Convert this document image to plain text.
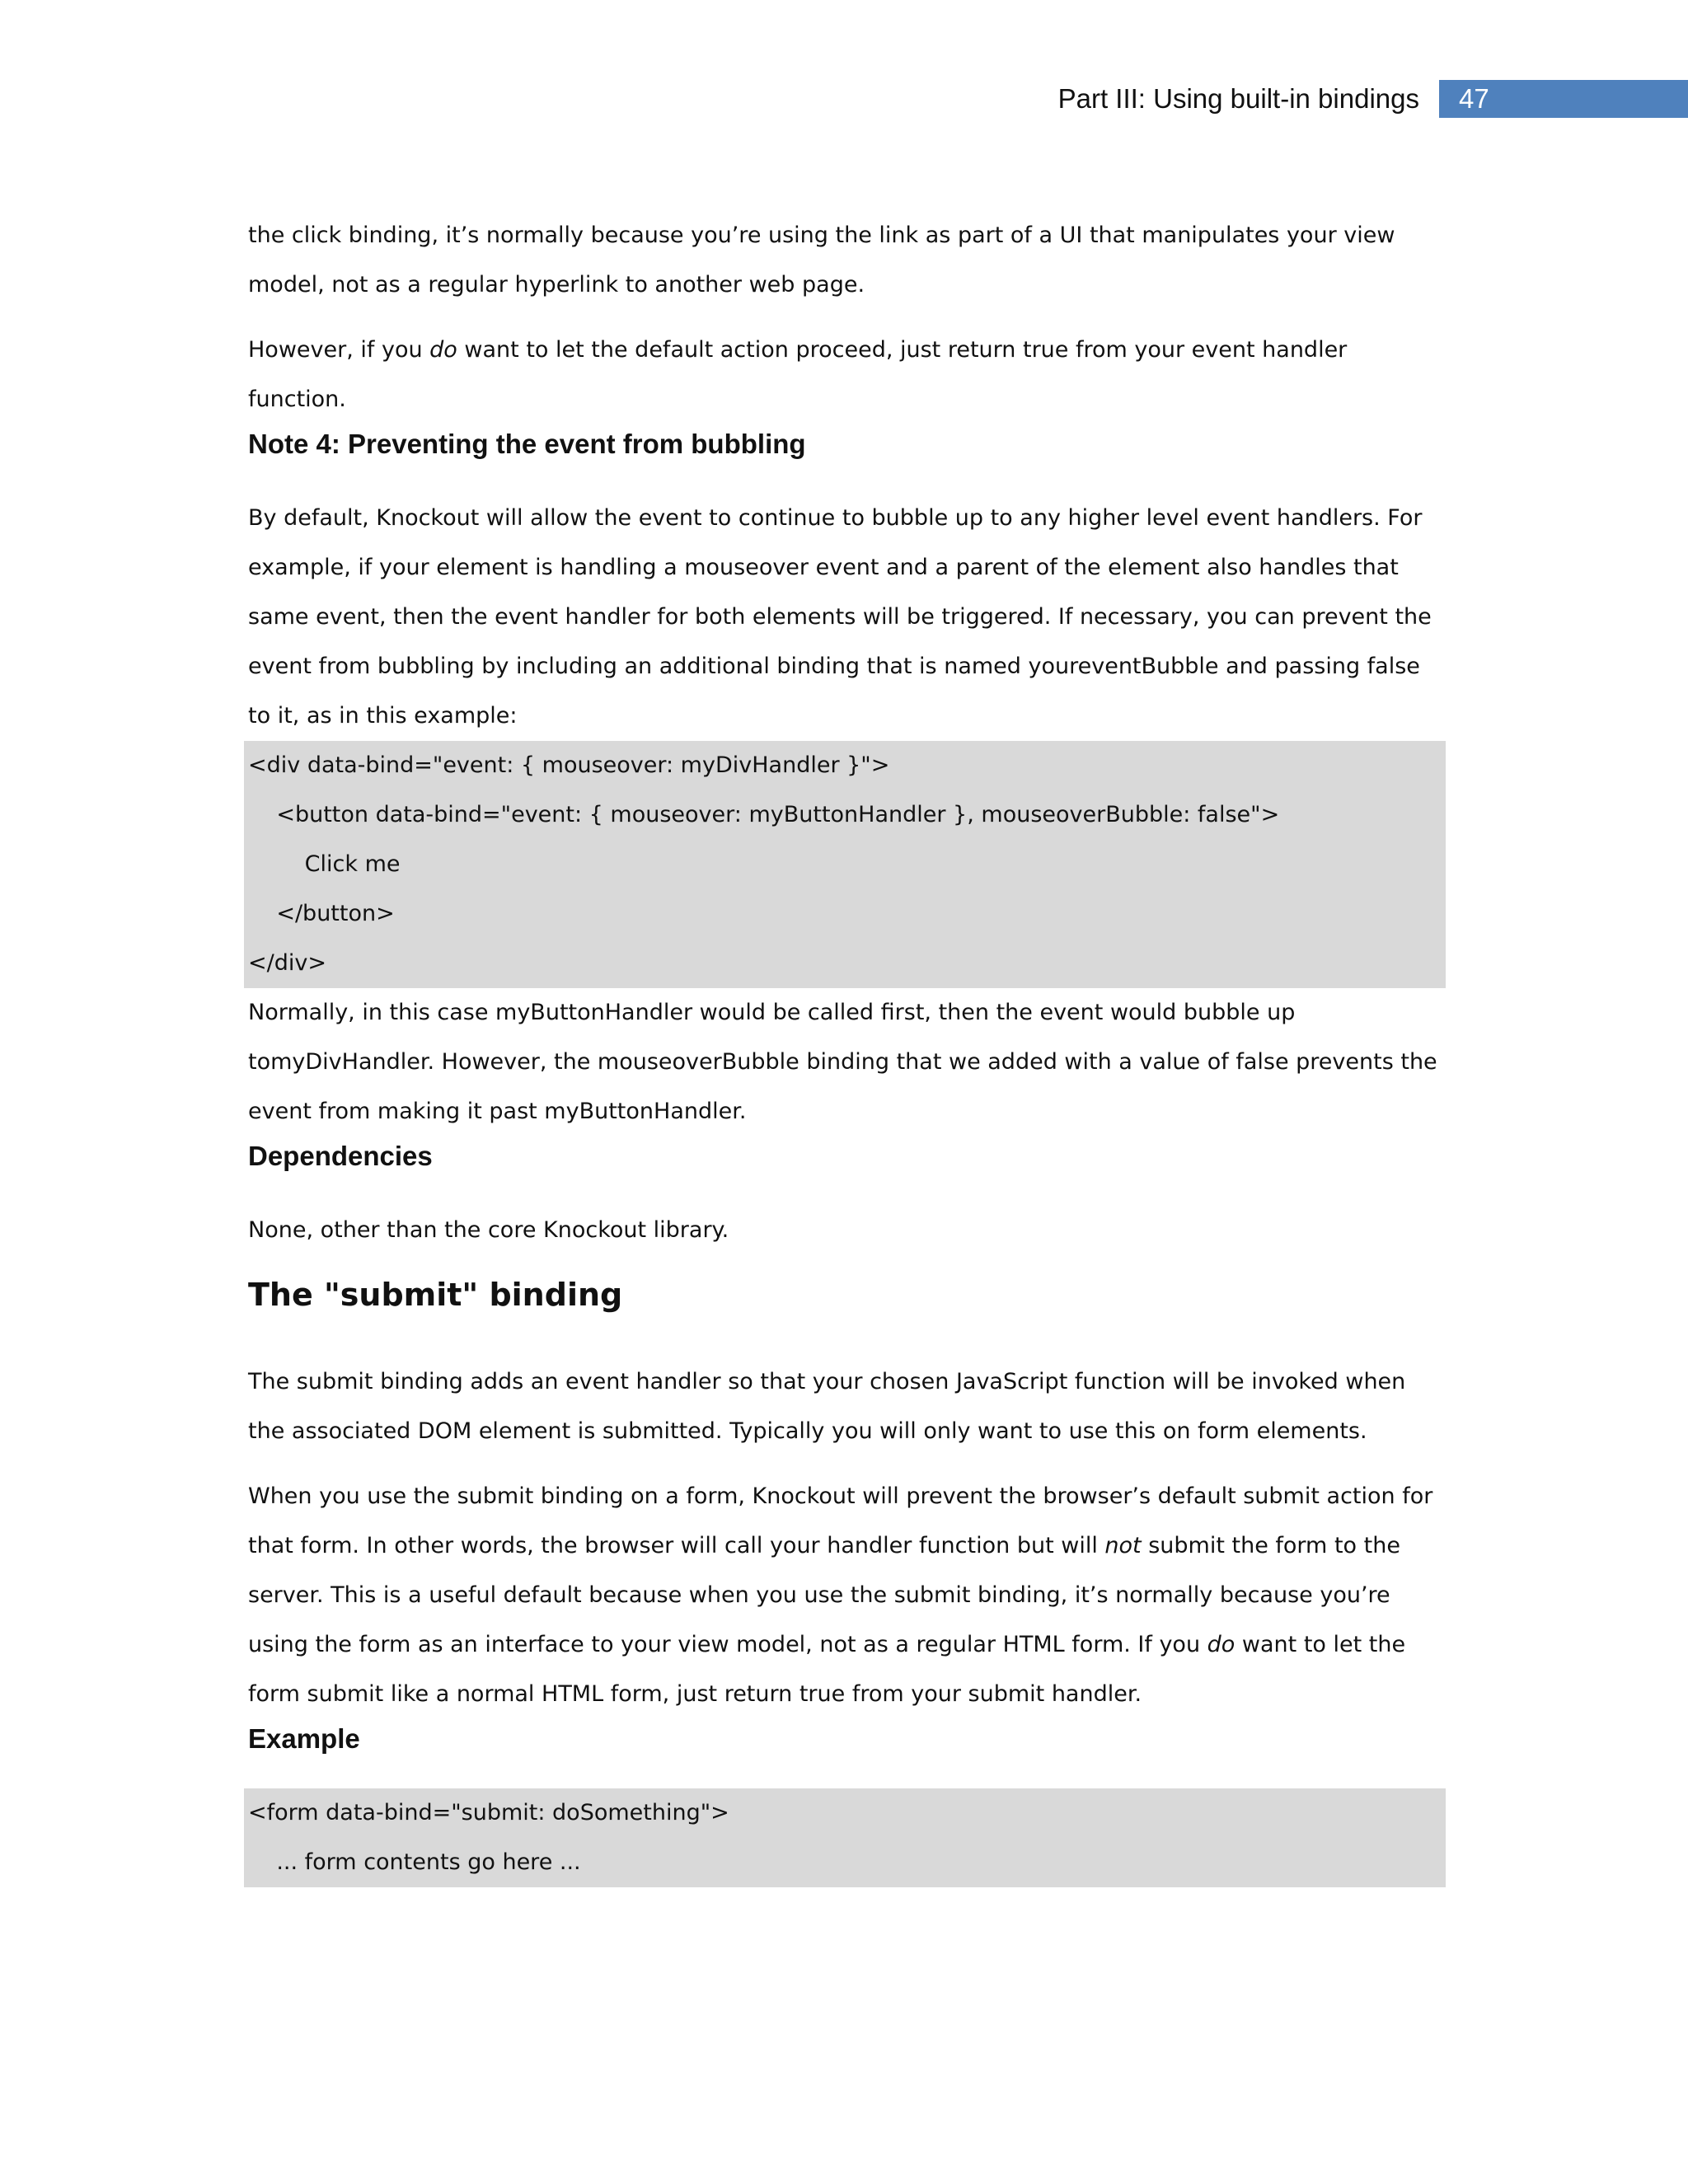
Part III: Using built-in bindings	47

the click binding, it’s normally because you’re using the link as part of a UI that manipulates your view

model, not as a regular hyperlink to another web page.

However, if you do want to let the default action proceed, just return true from your event handler

function.

Note 4: Preventing the event from bubbling

By default, Knockout will allow the event to continue to bubble up to any higher level event handlers. For

example, if your element is handling a mouseover event and a parent of the element also handles that

same event, then the event handler for both elements will be triggered. If necessary, you can prevent the

event from bubbling by including an additional binding that is named youreventBubble and passing false

to it, as in this example:

<div data-bind="event: { mouseover: myDivHandler }">

<button data-bind="event: { mouseover: myButtonHandler }, mouseoverBubble: false">

Click me

</button>

</div>

Normally, in this case myButtonHandler would be called first, then the event would bubble up

tomyDivHandler. However, the mouseoverBubble binding that we added with a value of false prevents the

event from making it past myButtonHandler.

Dependencies

None, other than the core Knockout library.

The "submit" binding

The submit binding adds an event handler so that your chosen JavaScript function will be invoked when

the associated DOM element is submitted. Typically you will only want to use this on form elements.

When you use the submit binding on a form, Knockout will prevent the browser’s default submit action for

that form. In other words, the browser will call your handler function but will not submit the form to the

server. This is a useful default because when you use the submit binding, it’s normally because you’re

using the form as an interface to your view model, not as a regular HTML form. If you do want to let the

form submit like a normal HTML form, just return true from your submit handler.

Example

<form data-bind="submit: doSomething">

... form contents go here ...
